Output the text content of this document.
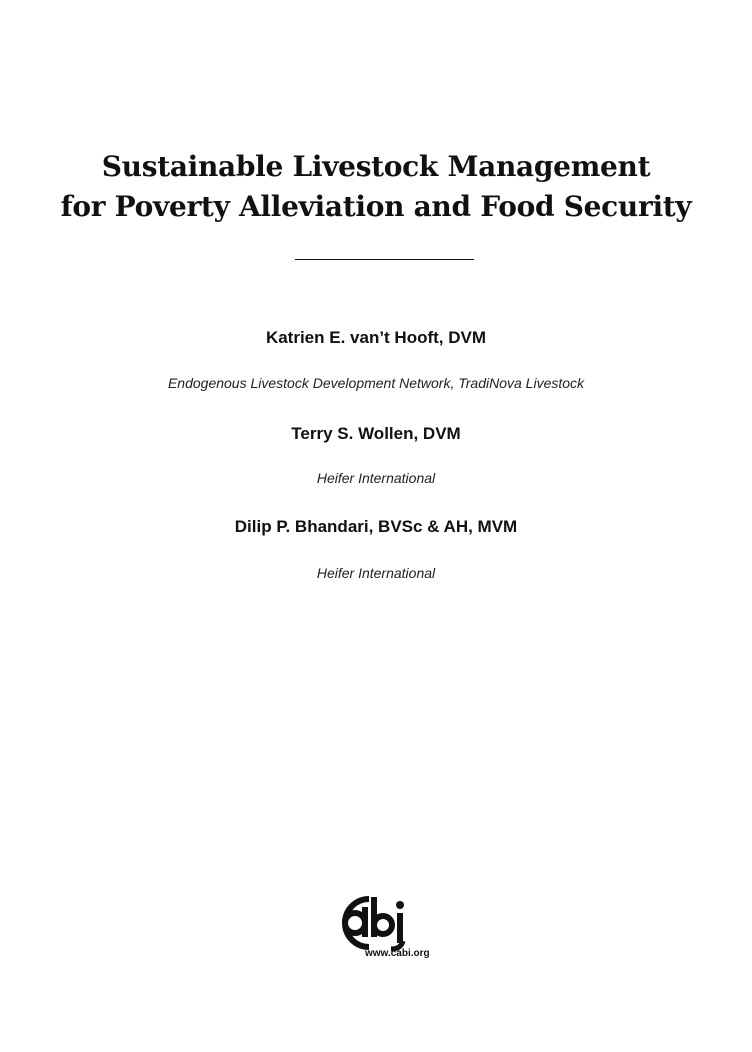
Sustainable Livestock Management
for Poverty Alleviation and Food Security
Katrien E. van’t Hooft, DVM
Endogenous Livestock Development Network, TradiNova Livestock
Terry S. Wollen, DVM
Heifer International
Dilip P. Bhandari, BVSc & AH, MVM
Heifer International
cabi
www.cabi.org
